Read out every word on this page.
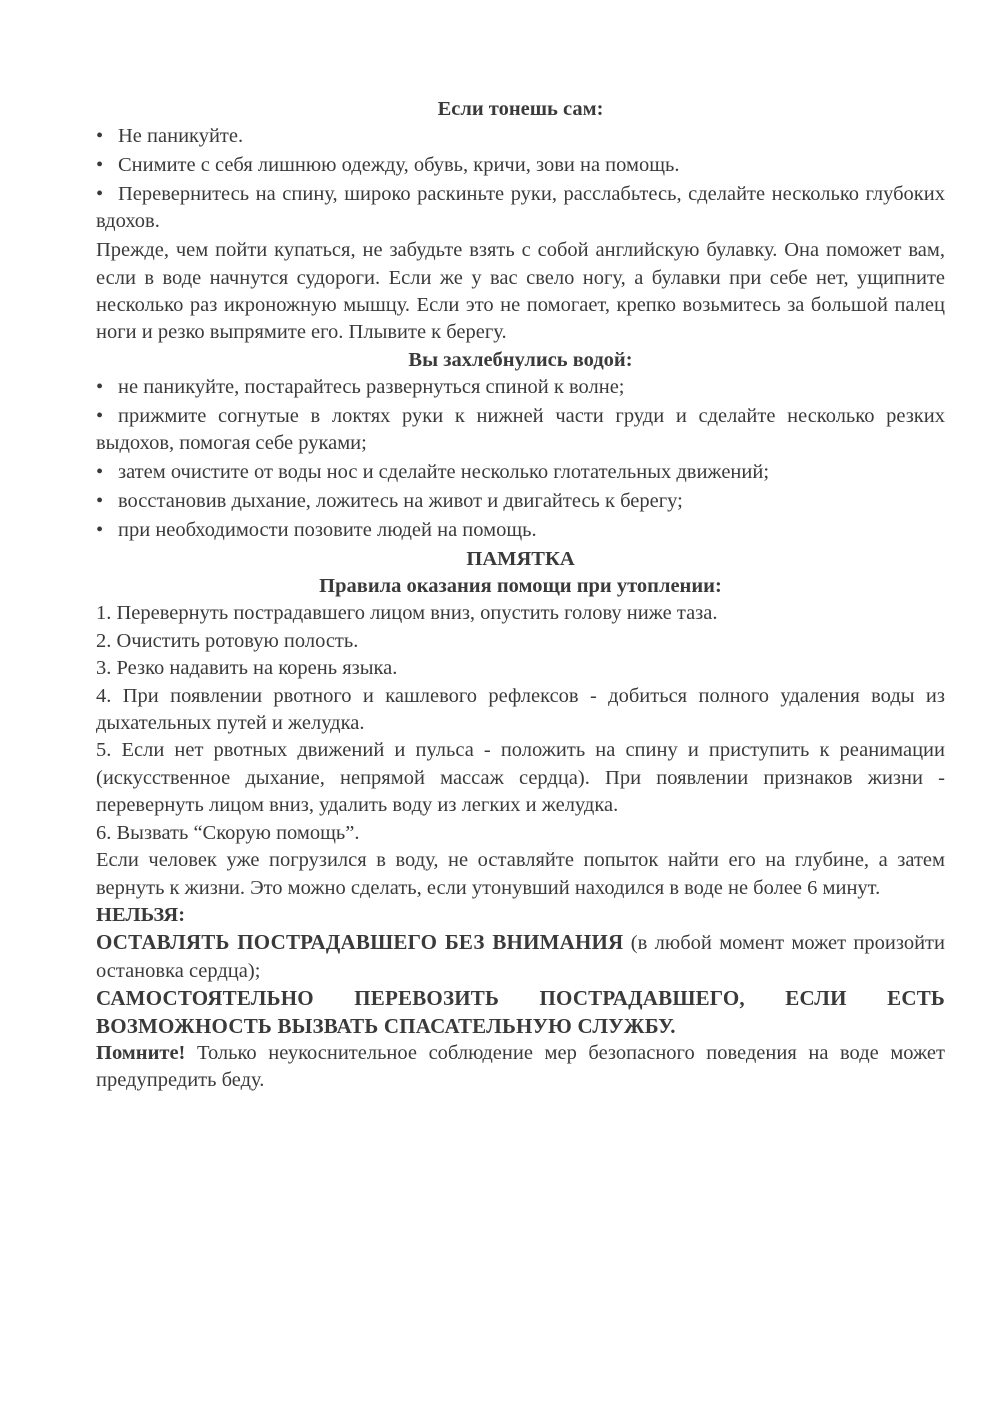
Если тонешь сам:

• Не паникуйте.

• Снимите с себя лишнюю одежду, обувь, кричи, зови на помощь.

• Перевернитесь на спину, широко раскиньте руки, расслабьтесь, сделайте несколько глубоких вдохов.

Прежде, чем пойти купаться, не забудьте взять с собой английскую булавку. Она поможет вам, если в воде начнутся судороги. Если же у вас свело ногу, а булавки при себе нет, ущипните несколько раз икроножную мышцу. Если это не помогает, крепко возьмитесь за большой палец ноги и резко выпрямите его. Плывите к берегу.

Вы захлебнулись водой:

• не паникуйте, постарайтесь развернуться спиной к волне;

• прижмите согнутые в локтях руки к нижней части груди и сделайте несколько резких выдохов, помогая себе руками;

• затем очистите от воды нос и сделайте несколько глотательных движений;

• восстановив дыхание, ложитесь на живот и двигайтесь к берегу;

• при необходимости позовите людей на помощь.

ПАМЯТКА
Правила оказания помощи при утоплении:

1. Перевернуть пострадавшего лицом вниз, опустить голову ниже таза.

2. Очистить ротовую полость.

3. Резко надавить на корень языка.

4. При появлении рвотного и кашлевого рефлексов - добиться полного удаления воды из дыхательных путей и желудка.

5. Если нет рвотных движений и пульса - положить на спину и приступить к реанимации (искусственное дыхание, непрямой массаж сердца). При появлении признаков жизни - перевернуть лицом вниз, удалить воду из легких и желудка.

6. Вызвать “Скорую помощь”.

Если человек уже погрузился в воду, не оставляйте попыток найти его на глубине, а затем вернуть к жизни. Это можно сделать, если утонувший находился в воде не более 6 минут.

НЕЛЬЗЯ:

ОСТАВЛЯТЬ ПОСТРАДАВШЕГО БЕЗ ВНИМАНИЯ (в любой момент может произойти остановка сердца);

САМОСТОЯТЕЛЬНО ПЕРЕВОЗИТЬ ПОСТРАДАВШЕГО, ЕСЛИ ЕСТЬ ВОЗМОЖНОСТЬ ВЫЗВАТЬ СПАСАТЕЛЬНУЮ СЛУЖБУ.

Помните! Только неукоснительное соблюдение мер безопасного поведения на воде может предупредить беду.
